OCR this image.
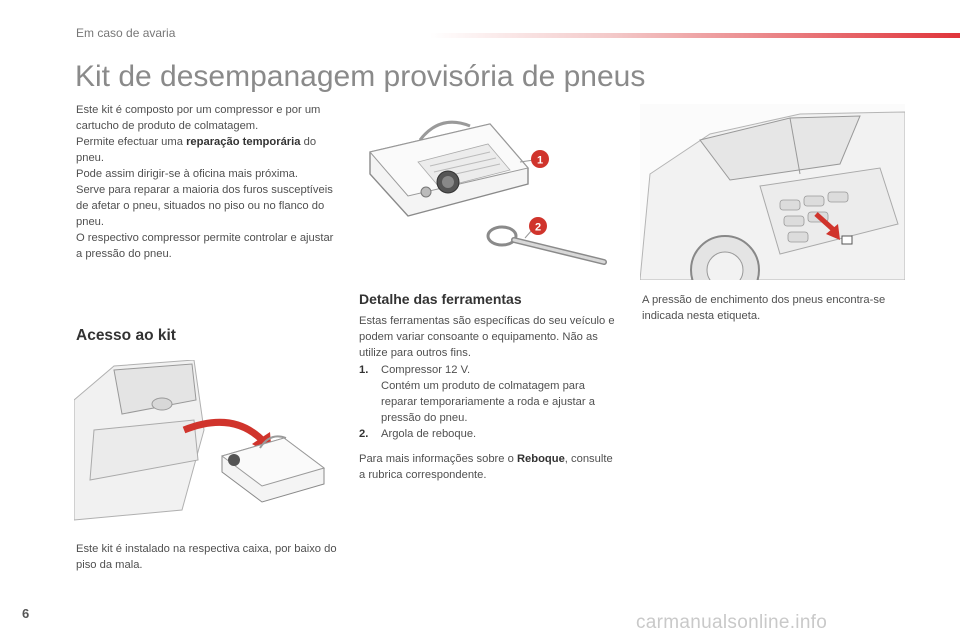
Em caso de avaria
Kit de desempanagem provisória de pneus

Este kit é composto por um compressor e por um cartucho de produto de colmatagem.

Permite efectuar uma reparação temporária do pneu.

Pode assim dirigir-se à oficina mais próxima.

Serve para reparar a maioria dos furos susceptíveis de afetar o pneu, situados no piso ou no flanco do pneu.

O respectivo compressor permite controlar e ajustar a pressão do pneu.

1
2
Acesso ao kit
Este kit é instalado na respectiva caixa, por baixo do piso da mala.
Detalhe das ferramentas
Estas ferramentas são específicas do seu veículo e podem variar consoante o equipamento. Não as utilize para outros fins.
1.	Compressor 12 V.
Contém um produto de colmatagem para reparar temporariamente a roda e ajustar a pressão do pneu.
2.	Argola de reboque.
Para mais informações sobre o Reboque, consulte a rubrica correspondente.
A pressão de enchimento dos pneus encontra-se indicada nesta etiqueta.
6	carmanualsonline.info
